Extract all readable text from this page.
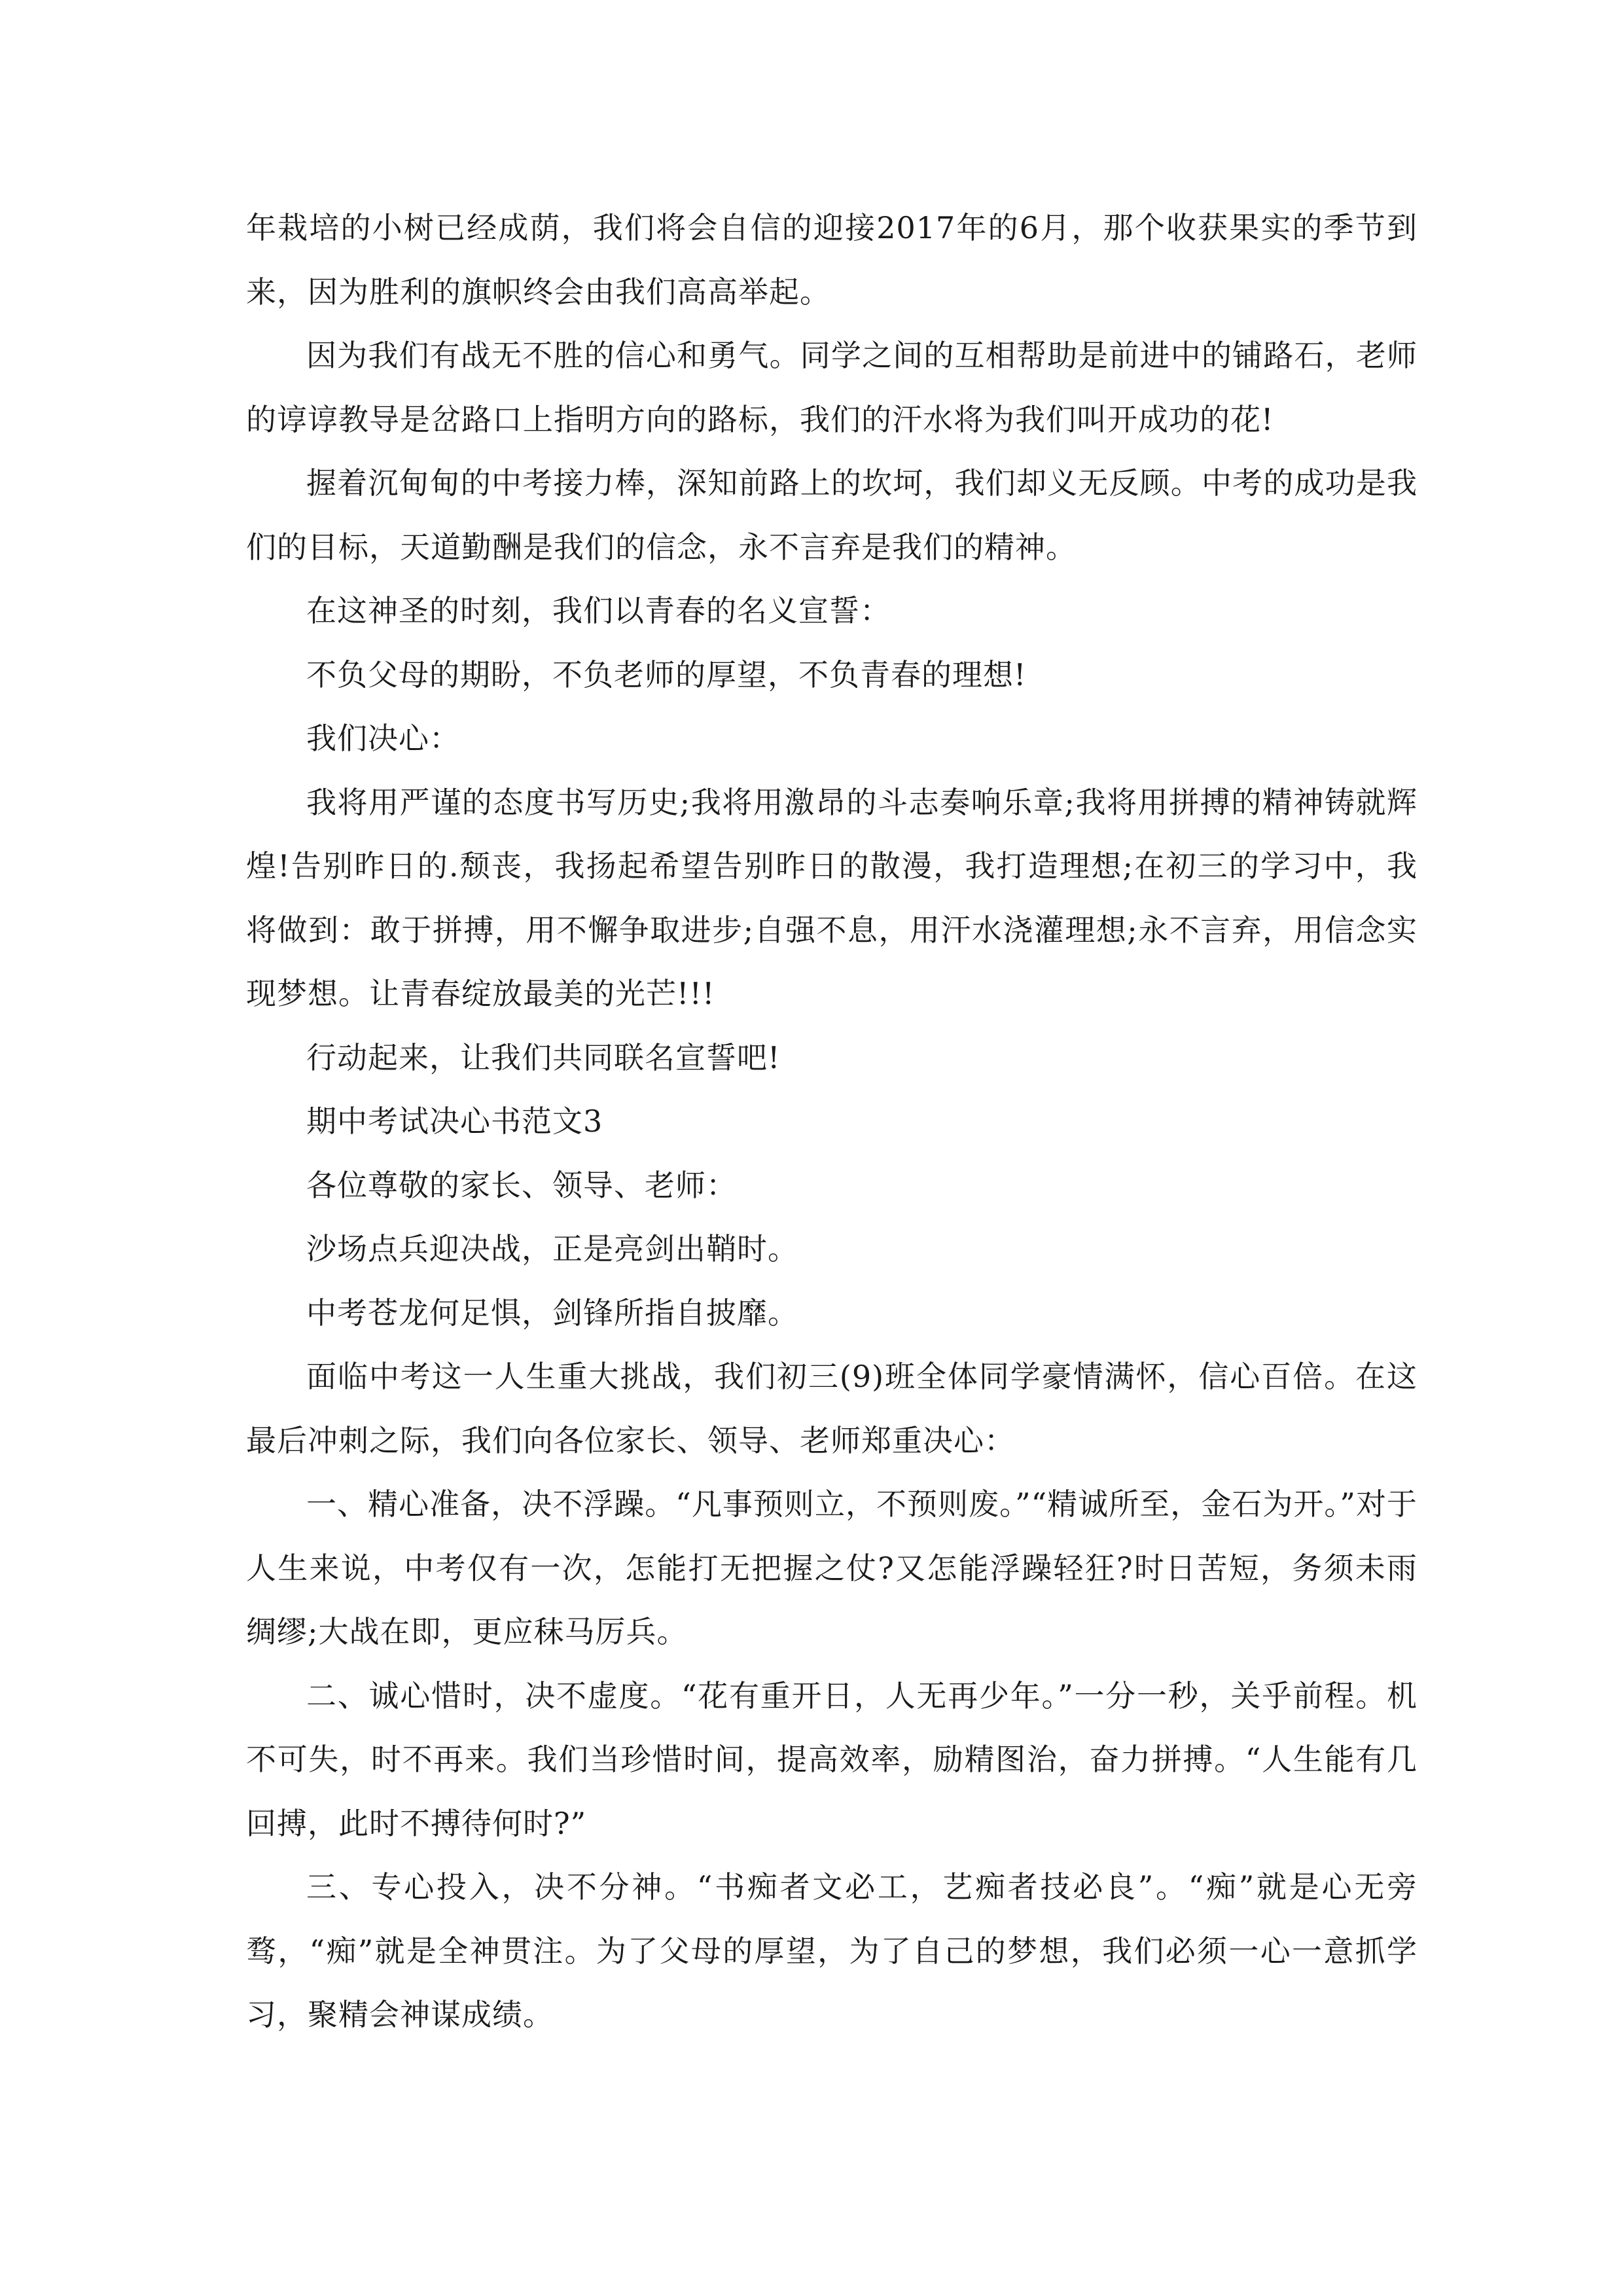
年栽培的小树已经成荫，我们将会自信的迎接2017年的6月，那个收获果实的季节到来，因为胜利的旗帜终会由我们高高举起。

因为我们有战无不胜的信心和勇气。同学之间的互相帮助是前进中的铺路石，老师的谆谆教导是岔路口上指明方向的路标，我们的汗水将为我们叫开成功的花!

握着沉甸甸的中考接力棒，深知前路上的坎坷，我们却义无反顾。中考的成功是我们的目标，天道勤酬是我们的信念，永不言弃是我们的精神。

在这神圣的时刻，我们以青春的名义宣誓：

不负父母的期盼，不负老师的厚望，不负青春的理想!

我们决心：

我将用严谨的态度书写历史;我将用激昂的斗志奏响乐章;我将用拼搏的精神铸就辉煌!告别昨日的.颓丧，我扬起希望告别昨日的散漫，我打造理想;在初三的学习中，我将做到：敢于拼搏，用不懈争取进步;自强不息，用汗水浇灌理想;永不言弃，用信念实现梦想。让青春绽放最美的光芒!!!

行动起来，让我们共同联名宣誓吧!

期中考试决心书范文3

各位尊敬的家长、领导、老师：

沙场点兵迎决战，正是亮剑出鞘时。

中考苍龙何足惧，剑锋所指自披靡。

面临中考这一人生重大挑战，我们初三(9)班全体同学豪情满怀，信心百倍。在这最后冲刺之际，我们向各位家长、领导、老师郑重决心：

一、精心准备，决不浮躁。“凡事预则立，不预则废。”“精诚所至，金石为开。”对于人生来说，中考仅有一次，怎能打无把握之仗?又怎能浮躁轻狂?时日苦短，务须未雨绸缪;大战在即，更应秣马厉兵。

二、诚心惜时，决不虚度。“花有重开日，人无再少年。”一分一秒，关乎前程。机不可失，时不再来。我们当珍惜时间，提高效率，励精图治，奋力拼搏。“人生能有几回搏，此时不搏待何时?”

三、专心投入，决不分神。“书痴者文必工，艺痴者技必良”。“痴”就是心无旁骛，“痴”就是全神贯注。为了父母的厚望，为了自己的梦想，我们必须一心一意抓学习，聚精会神谋成绩。
